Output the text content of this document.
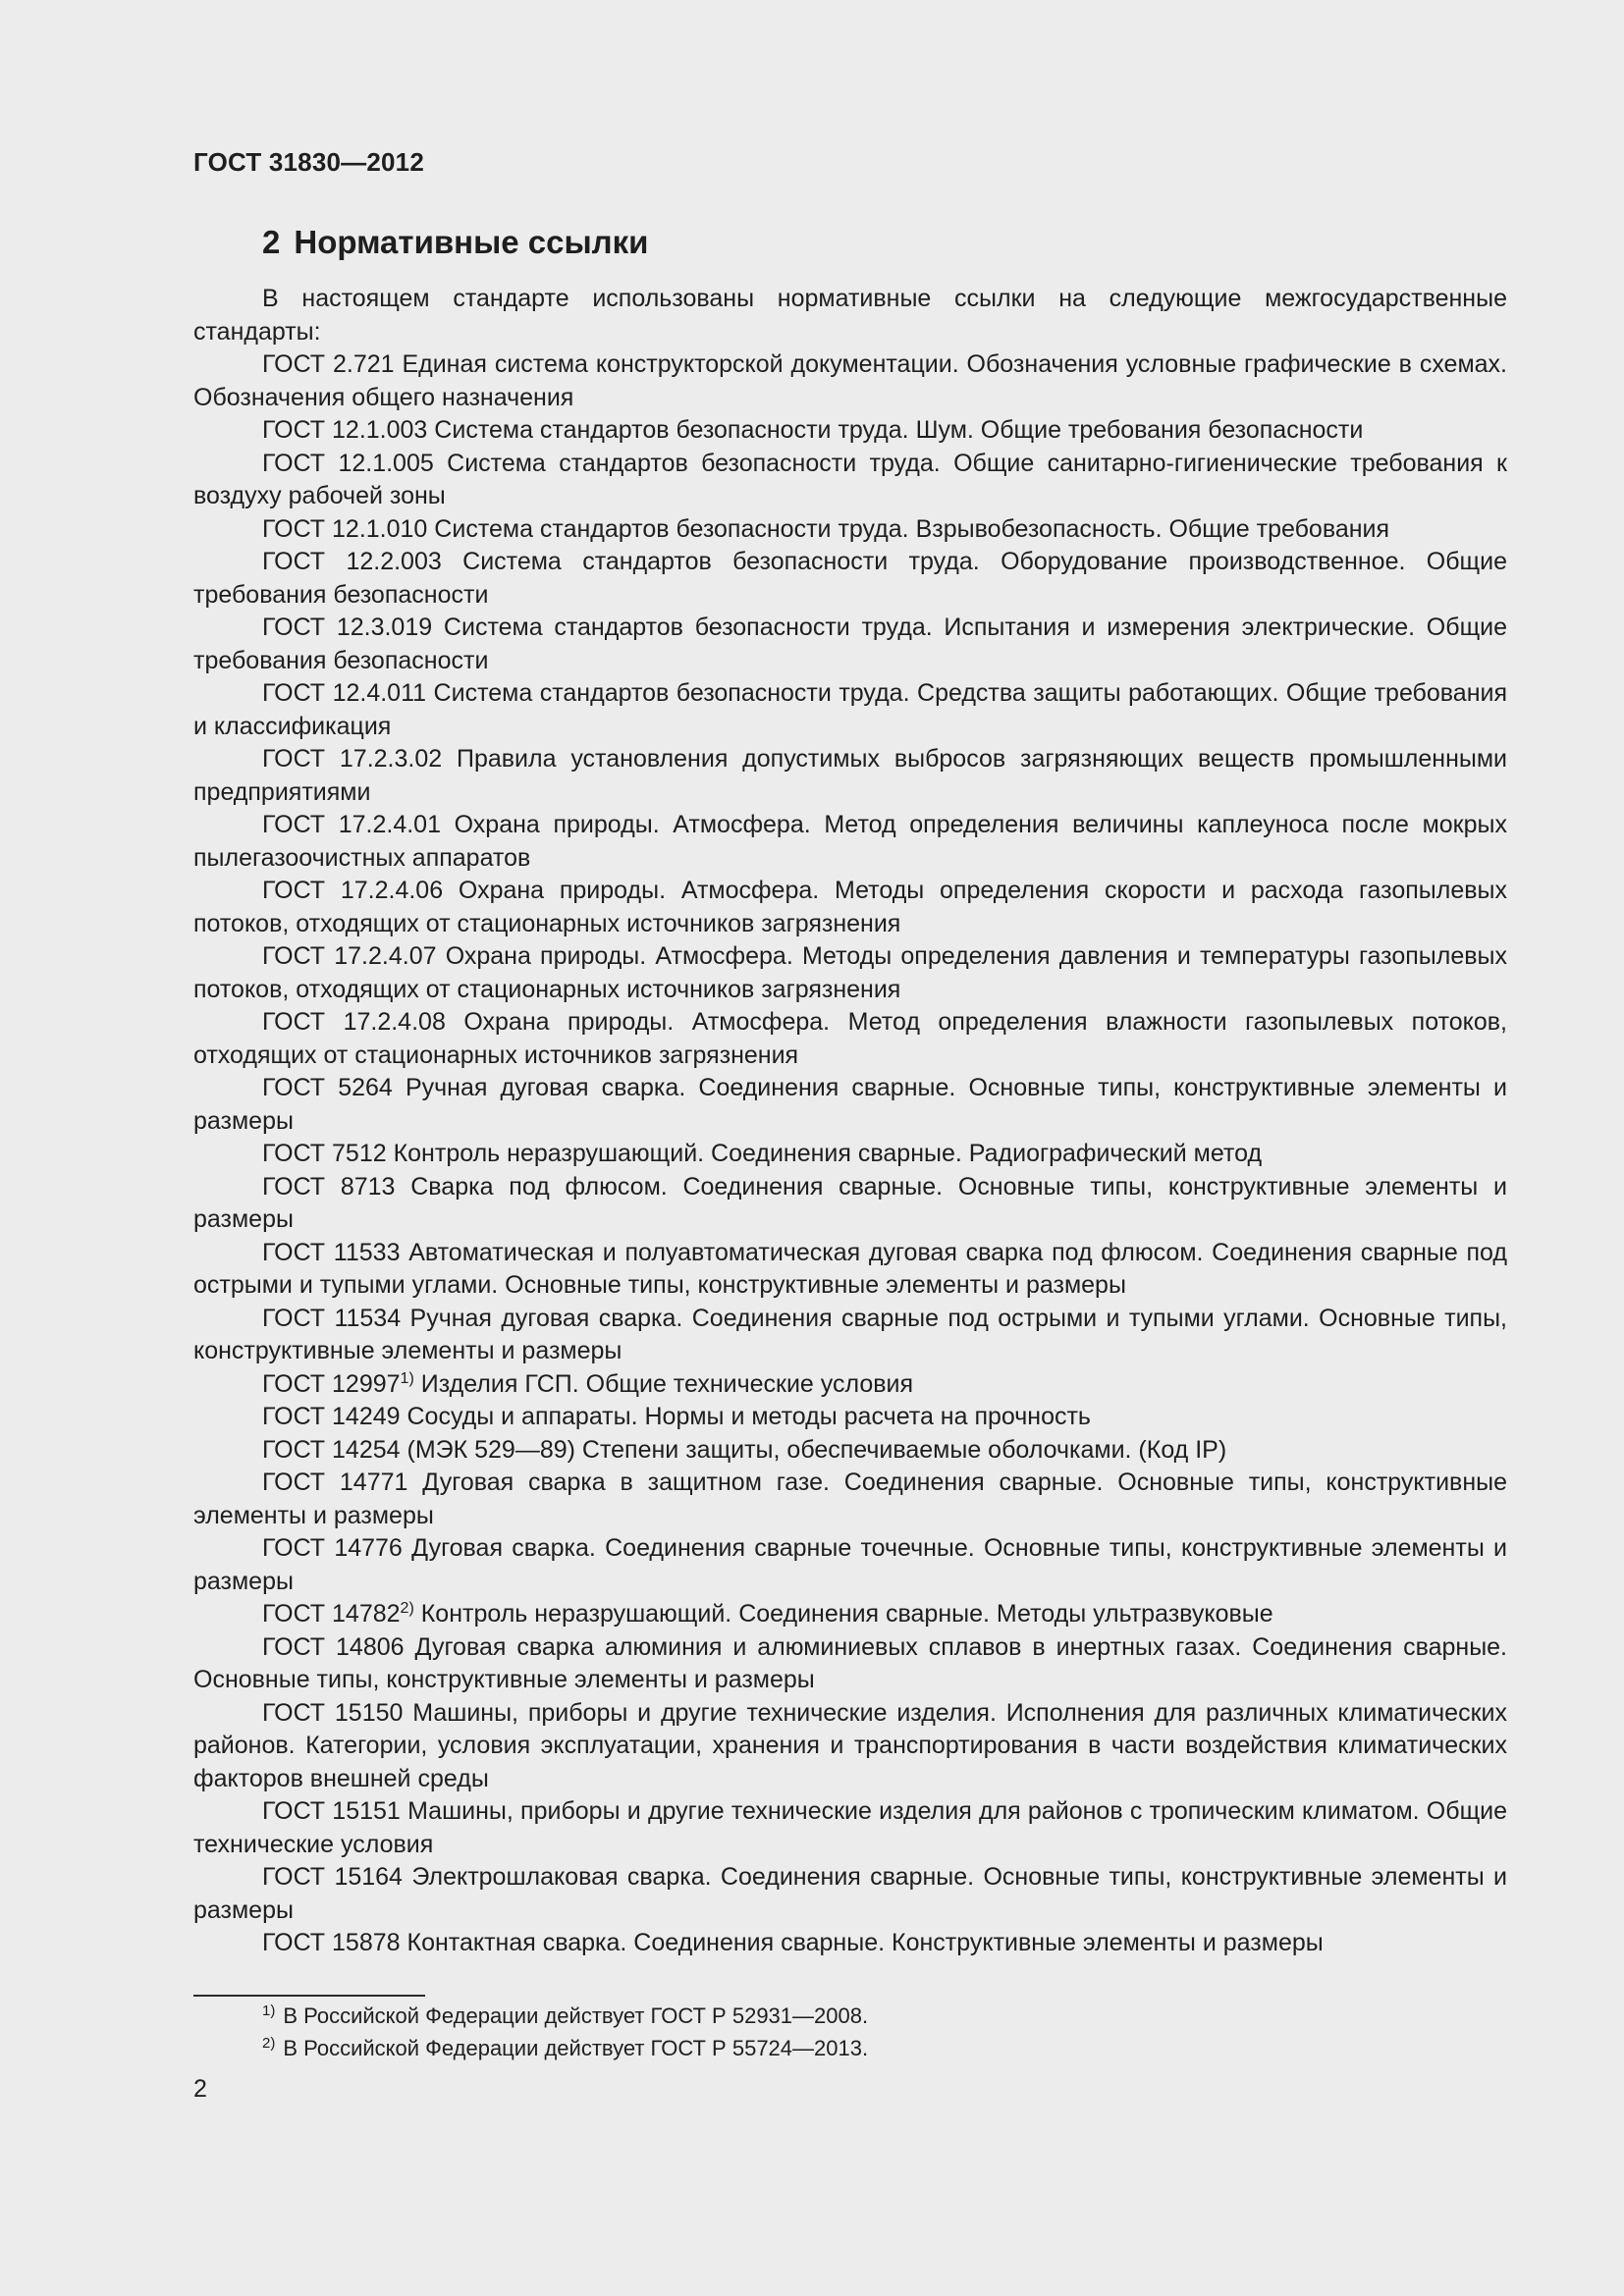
ГОСТ 31830—2012

2 Нормативные ссылки

В настоящем стандарте использованы нормативные ссылки на следующие межгосударственные стандарты:

ГОСТ 2.721 Единая система конструкторской документации. Обозначения условные графические в схемах. Обозначения общего назначения

ГОСТ 12.1.003 Система стандартов безопасности труда. Шум. Общие требования безопасности

ГОСТ 12.1.005 Система стандартов безопасности труда. Общие санитарно-гигиенические требования к воздуху рабочей зоны

ГОСТ 12.1.010 Система стандартов безопасности труда. Взрывобезопасность. Общие требования

ГОСТ 12.2.003 Система стандартов безопасности труда. Оборудование производственное. Общие требования безопасности

ГОСТ 12.3.019 Система стандартов безопасности труда. Испытания и измерения электрические. Общие требования безопасности

ГОСТ 12.4.011 Система стандартов безопасности труда. Средства защиты работающих. Общие требования и классификация

ГОСТ 17.2.3.02 Правила установления допустимых выбросов загрязняющих веществ промышленными предприятиями

ГОСТ 17.2.4.01 Охрана природы. Атмосфера. Метод определения величины каплеуноса после мокрых пылегазоочистных аппаратов

ГОСТ 17.2.4.06 Охрана природы. Атмосфера. Методы определения скорости и расхода газопылевых потоков, отходящих от стационарных источников загрязнения

ГОСТ 17.2.4.07 Охрана природы. Атмосфера. Методы определения давления и температуры газопылевых потоков, отходящих от стационарных источников загрязнения

ГОСТ 17.2.4.08 Охрана природы. Атмосфера. Метод определения влажности газопылевых потоков, отходящих от стационарных источников загрязнения

ГОСТ 5264 Ручная дуговая сварка. Соединения сварные. Основные типы, конструктивные элементы и размеры

ГОСТ 7512 Контроль неразрушающий. Соединения сварные. Радиографический метод

ГОСТ 8713 Сварка под флюсом. Соединения сварные. Основные типы, конструктивные элементы и размеры

ГОСТ 11533 Автоматическая и полуавтоматическая дуговая сварка под флюсом. Соединения сварные под острыми и тупыми углами. Основные типы, конструктивные элементы и размеры

ГОСТ 11534 Ручная дуговая сварка. Соединения сварные под острыми и тупыми углами. Основные типы, конструктивные элементы и размеры

ГОСТ 12997$^{1)}$ Изделия ГСП. Общие технические условия

ГОСТ 14249 Сосуды и аппараты. Нормы и методы расчета на прочность

ГОСТ 14254 (МЭК 529—89) Степени защиты, обеспечиваемые оболочками. (Код IP)

ГОСТ 14771 Дуговая сварка в защитном газе. Соединения сварные. Основные типы, конструктивные элементы и размеры

ГОСТ 14776 Дуговая сварка. Соединения сварные точечные. Основные типы, конструктивные элементы и размеры

ГОСТ 14782$^{2)}$ Контроль неразрушающий. Соединения сварные. Методы ультразвуковые

ГОСТ 14806 Дуговая сварка алюминия и алюминиевых сплавов в инертных газах. Соединения сварные. Основные типы, конструктивные элементы и размеры

ГОСТ 15150 Машины, приборы и другие технические изделия. Исполнения для различных климатических районов. Категории, условия эксплуатации, хранения и транспортирования в части воздействия климатических факторов внешней среды

ГОСТ 15151 Машины, приборы и другие технические изделия для районов с тропическим климатом. Общие технические условия

ГОСТ 15164 Электрошлаковая сварка. Соединения сварные. Основные типы, конструктивные элементы и размеры

ГОСТ 15878 Контактная сварка. Соединения сварные. Конструктивные элементы и размеры

$^{1)}$ В Российской Федерации действует ГОСТ Р 52931—2008.

$^{2)}$ В Российской Федерации действует ГОСТ Р 55724—2013.

2
